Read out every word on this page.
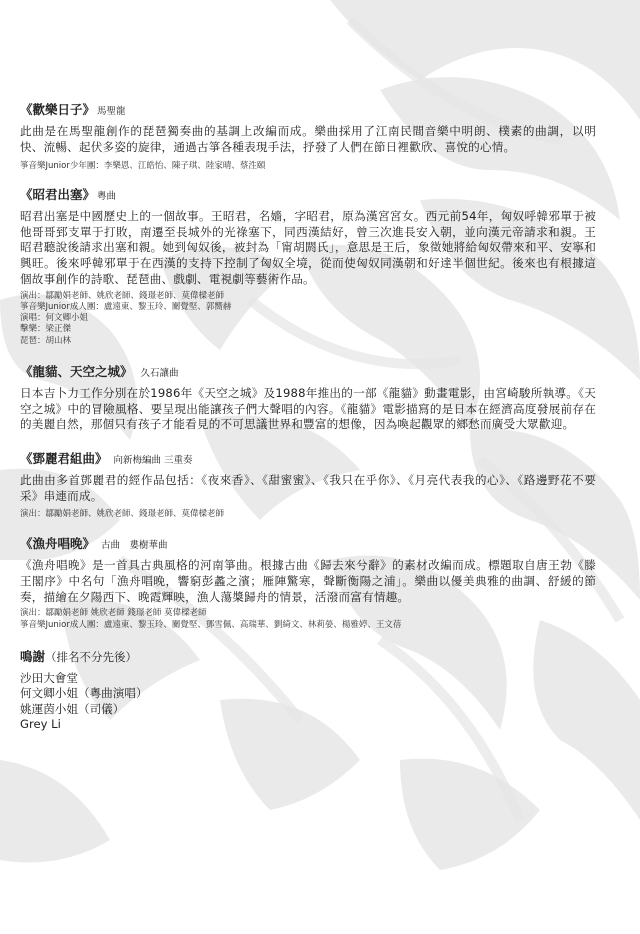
《歡樂日子》 馬聖龍

此曲是在馬聖龍創作的琵琶獨奏曲的基調上改編而成。樂曲採用了江南民間音樂中明朗、樸素的曲調，以明快、流暢、起伏多姿的旋律，通過古箏各種表現手法，抒發了人們在節日裡歡欣、喜悅的心情。

箏音樂Junior少年團：李樂恩、江皓怡、陳子琪、陸家晴、蔡泩頤

《昭君出塞》 粵曲

昭君出塞是中國歷史上的一個故事。王昭君，名嬙，字昭君，原為漢宮宮女。西元前54年，匈奴呼韓邪單于被他哥哥郅支單于打敗，南遷至長城外的光祿塞下，同西漢結好，曾三次進長安入朝，並向漢元帝請求和親。王昭君聽說後請求出塞和親。她到匈奴後，被封為「甯胡閼氏」，意思是王后，象徵她將給匈奴帶來和平、安寧和興旺。後來呼韓邪單于在西漢的支持下控制了匈奴全境，從而使匈奴同漢朝和好達半個世紀。後來也有根據這個故事創作的詩歌、琵琶曲、戲劇、電視劇等藝術作品。

演出：鄒勵娟老師、姚欣老師、錢璟老師、莫偉樑老師

箏音樂Junior成人團：盧遠東、黎玉玲、關覺堅、郭嚮赫

演唱：何文卿小姐

擊樂：梁正傑

琵琶：胡山林

《龍貓、天空之城》 久石讓曲

日本吉卜力工作分別在於1986年《天空之城》及1988年推出的一部《龍貓》動畫電影，由宮崎駿所執導。《天空之城》中的冒險風格、要呈現出能讓孩子們大聲唱的內容。《龍貓》電影描寫的是日本在經濟高度發展前存在的美麗自然，那個只有孩子才能看見的不可思議世界和豐富的想像，因為喚起觀眾的鄉愁而廣受大眾歡迎。

《鄧麗君組曲》 向新梅編曲 三重奏

此曲由多首鄧麗君的經作品包括：《夜來香》、《甜蜜蜜》、《我只在乎你》、《月亮代表我的心》、《路邊野花不要采》串連而成。

演出：鄒勵娟老師、姚欣老師、錢璟老師、莫偉樑老師

《漁舟唱晚》 古曲　婁樹華曲

《漁舟唱晚》是一首具古典風格的河南箏曲。根據古曲《歸去來兮辭》的素材改編而成。標題取自唐王勃《滕王閣序》中名句「漁舟唱晚，響窮彭蠡之濱；雁陣驚寒，聲斷衡陽之浦」。樂曲以優美典雅的曲調、舒緩的節奏，描繪在夕陽西下、晚霞輝映，漁人蕩槳歸舟的情景，活潑而富有情趣。

演出：鄒勵娟老師 姚欣老師 錢璟老師 莫偉樑老師

箏音樂Junior成人團：盧遠東、黎玉玲、關覺堅、鄧雪佩、高瑞華、劉綺文、林莉嫈、楊雅婷、王文蓓

鳴謝（排名不分先後）

沙田大會堂

何文卿小姐（粵曲演唱）

姚運茵小姐（司儀）

Grey Li
